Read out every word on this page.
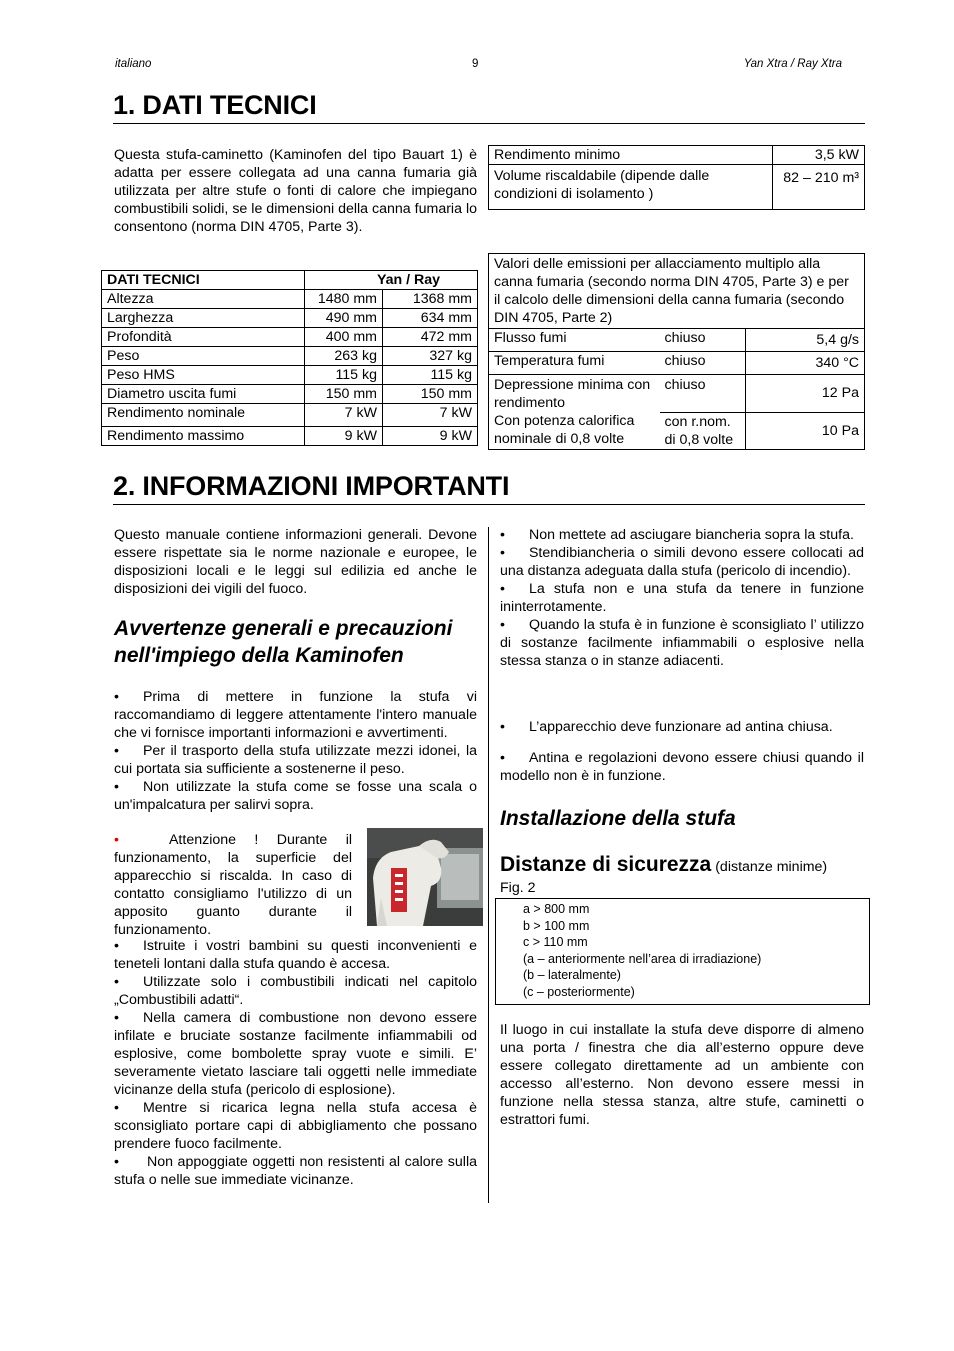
italiano	9	Yan Xtra / Ray Xtra
1. DATI TECNICI

Questa stufa-caminetto (Kaminofen del tipo Bauart 1) è adatta per essere collegata ad una canna fumaria già utilizzata per altre stufe o fonti di calore che impiegano combustibili solidi, se le dimensioni della canna fumaria lo consentono (norma DIN 4705, Parte 3).

Rendimento minimo	3,5 kW
Volume riscaldabile (dipende dalle condizioni di isolamento )	82 – 210 m³
DATI TECNICI	Yan / Ray	
Altezza	1480 mm	1368 mm
Larghezza	490 mm	634 mm
Profondità	400 mm	472 mm
Peso	263 kg	327 kg
Peso HMS	115 kg	115 kg
Diametro uscita fumi	150 mm	150 mm
Rendimento nominale	7 kW	7 kW
Rendimento massimo	9 kW	9 kW
Valori delle emissioni per allacciamento multiplo alla canna fumaria (secondo norma DIN 4705, Parte 3) e per il calcolo delle dimensioni della canna fumaria (secondo DIN 4705, Parte 2)		
Flusso fumi	chiuso	5,4 g/s
Temperatura fumi	chiuso	340 °C
Depressione minima con rendimento	chiuso	12 Pa
Con potenza calorifica nominale di 0,8 volte	con r.nom. di 0,8 volte	10 Pa
2. INFORMAZIONI IMPORTANTI

Questo manuale contiene informazioni generali. Devone essere rispettate sia le norme nazionale e europee, le disposizioni locali e le leggi sul edilizia ed anche le disposizioni dei vigili del fuoco.

Avvertenze generali e precauzioni nell'impiego della Kaminofen

• Prima di mettere in funzione la stufa vi raccomandiamo di leggere attentamente l'intero manuale che vi fornisce importanti informazioni e avvertimenti.

• Per il trasporto della stufa utilizzate mezzi idonei, la cui portata sia sufficiente a sostenerne il peso.

• Non utilizzate la stufa come se fosse una scala o un'impalcatura per salirvi sopra.

•	Attenzione ! Durante il funzionamento, la superficie del apparecchio si riscalda. In caso di contatto consigliamo l'utilizzo di un apposito guanto durante il funzionamento.

• Istruite i vostri bambini su questi inconvenienti e teneteli lontani dalla stufa quando è accesa.

• Utilizzate solo i combustibili indicati nel capitolo „Combustibili adatti“.

• Nella camera di combustione non devono essere infilate e bruciate sostanze facilmente infiammabili od esplosive, come bombolette spray vuote e simili. E’ severamente vietato lasciare tali oggetti nelle immediate vicinanze della stufa (pericolo di esplosione).

• Mentre si ricarica legna nella stufa accesa è sconsigliato portare capi di abbigliamento che possano prendere fuoco facilmente.

• Non appoggiate oggetti non resistenti al calore sulla stufa o nelle sue immediate vicinanze.

• Non mettete ad asciugare biancheria sopra la stufa.

• Stendibiancheria o simili devono essere collocati ad una distanza adeguata dalla stufa (pericolo di incendio).

• La stufa non e una stufa da tenere in funzione ininterrotamente.

• Quando la stufa è in funzione è sconsigliato l’ utilizzo di sostanze facilmente infiammabili o esplosive nella stessa stanza o in stanze adiacenti.

• L’apparecchio deve funzionare ad antina chiusa.

• Antina e regolazioni devono essere chiusi quando il modello non è in funzione.

Installazione della stufa
Distanze di sicurezza (distanze minime)
Fig. 2
a > 800 mm
b > 100 mm
c > 110 mm
(a – anteriormente nell’area di irradiazione)
(b – lateralmente)
(c – posteriormente)

Il luogo in cui installate la stufa deve disporre di almeno una porta / finestra che dia all’esterno oppure deve essere collegato direttamente ad un ambiente con accesso all’esterno. Non devono essere messi in funzione nella stessa stanza, altre stufe, caminetti o estrattori fumi.
